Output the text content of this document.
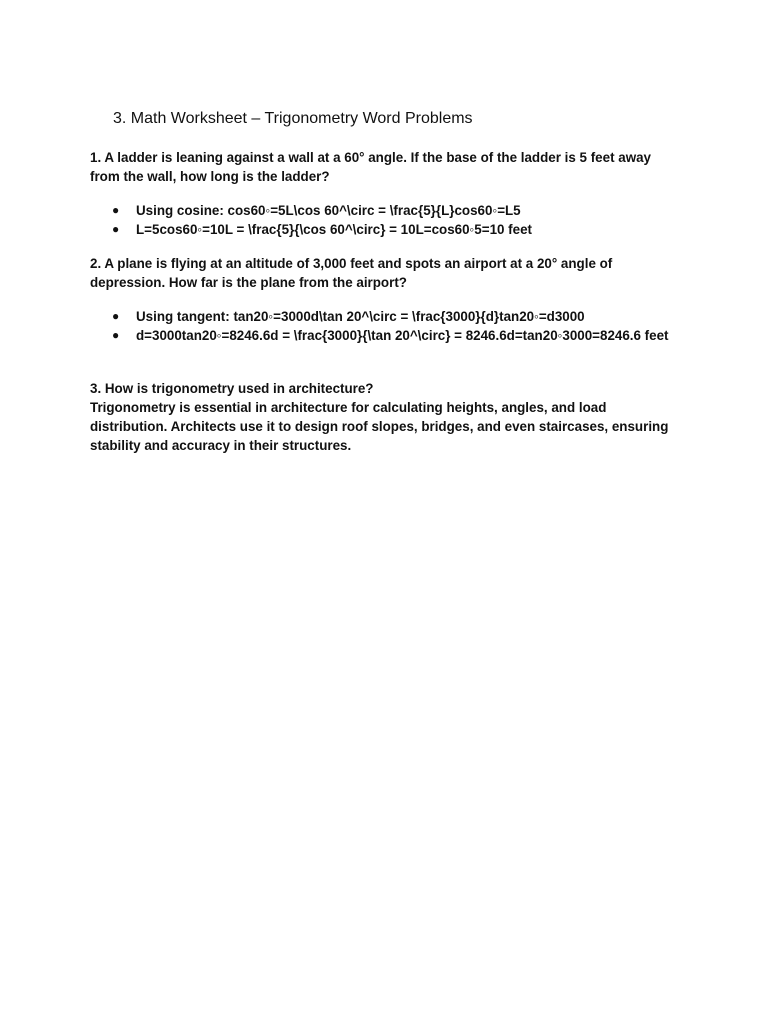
3. Math Worksheet – Trigonometry Word Problems
1. A ladder is leaning against a wall at a 60° angle. If the base of the ladder is 5 feet away from the wall, how long is the ladder?
● Using cosine: cos60◦=5L\cos 60^\circ = \frac{5}{L}cos60◦=L5
● L=5cos60◦=10L = \frac{5}{\cos 60^\circ} = 10L=cos60◦5=10 feet
2. A plane is flying at an altitude of 3,000 feet and spots an airport at a 20° angle of depression. How far is the plane from the airport?
● Using tangent: tan20◦=3000d\tan 20^\circ = \frac{3000}{d}tan20◦=d3000
● d=3000tan20◦=8246.6d = \frac{3000}{\tan 20^\circ} = 8246.6d=tan20◦3000=8246.6 feet
3. How is trigonometry used in architecture?
Trigonometry is essential in architecture for calculating heights, angles, and load distribution. Architects use it to design roof slopes, bridges, and even staircases, ensuring stability and accuracy in their structures.
